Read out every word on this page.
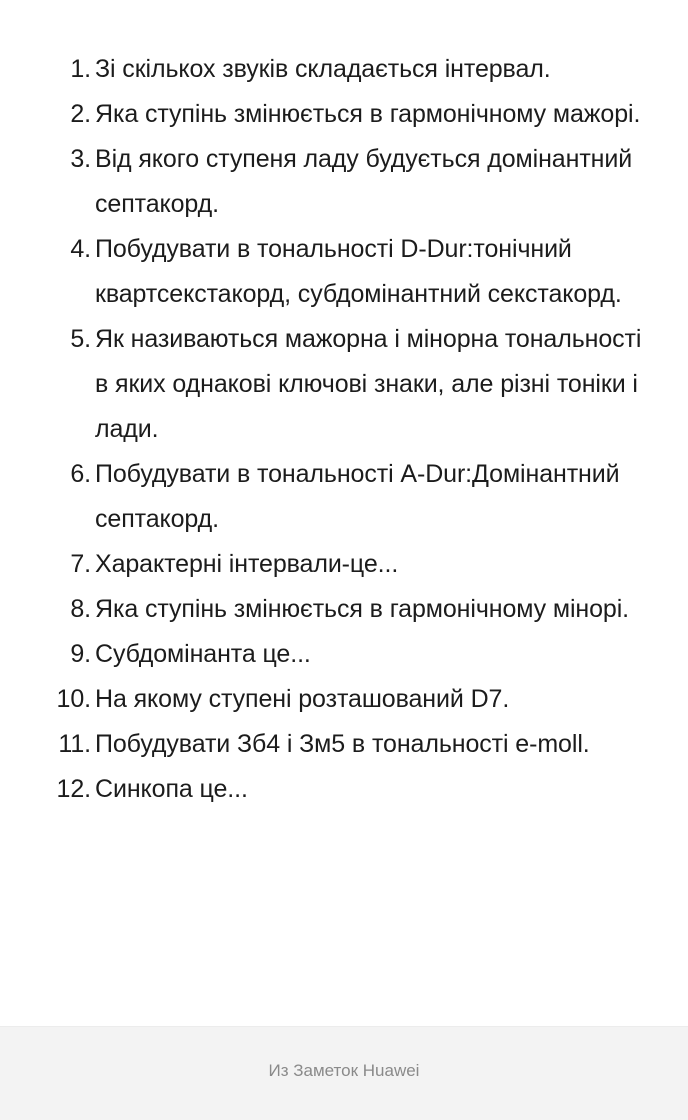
1. Зі скількох звуків складається інтервал.
2. Яка ступінь змінюється в гармонічному мажорі.
3. Від якого ступеня ладу будується домінантний септакорд.
4. Побудувати в тональності D-Dur:тонічний квартсекстакорд, субдомінантний секстакорд.
5. Як називаються мажорна і мінорна тональності в яких однакові ключові знаки, але різні тоніки і лади.
6. Побудувати в тональності A-Dur:Домінантний септакорд.
7. Характерні інтервали-це...
8. Яка ступінь змінюється в гармонічному мінорі.
9. Субдомінанта це...
10. На якому ступені розташований D7.
11. Побудувати Зб4 і Зм5 в тональності e-moll.
12. Синкопа це...
Из Заметок Huawei
